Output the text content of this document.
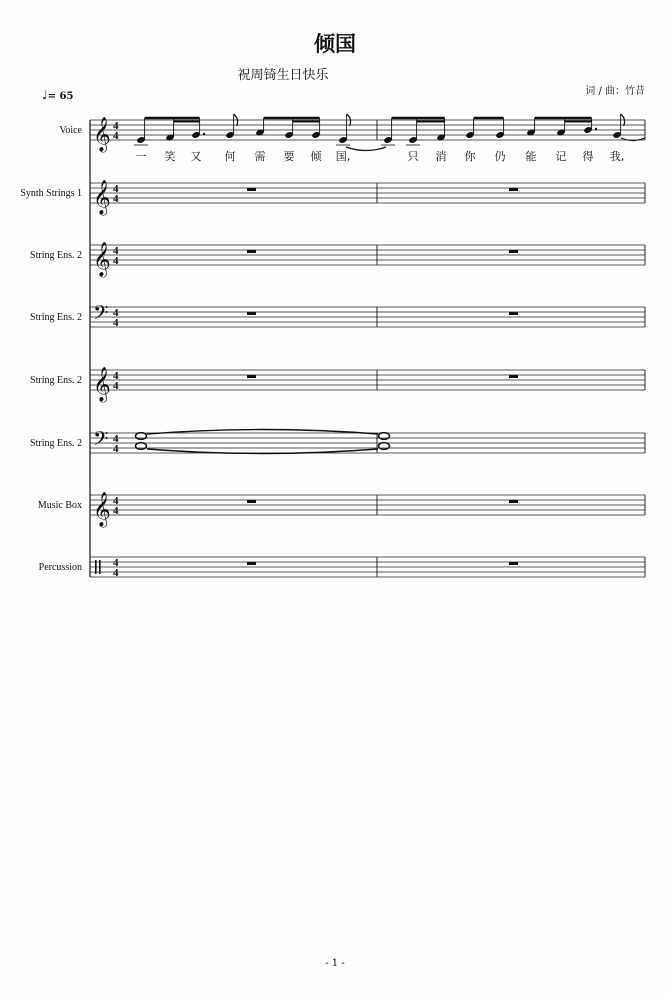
倾国
祝周锜生日快乐
词 / 曲：竹昔
♩= 65
Voice 𝄞 4
4
Synth Strings 1 𝄞 4
4
String Ens. 2 𝄞 4
4
String Ens. 2 𝄢 4
4
String Ens. 2 𝄞 4
4
String Ens. 2 𝄢 4
4
Music Box 𝄞 4
4
Percussion	4
4
一 笑 又 何 需 要 倾 国,	只 消 你 仍 能 记 得 我,
- 1 -
